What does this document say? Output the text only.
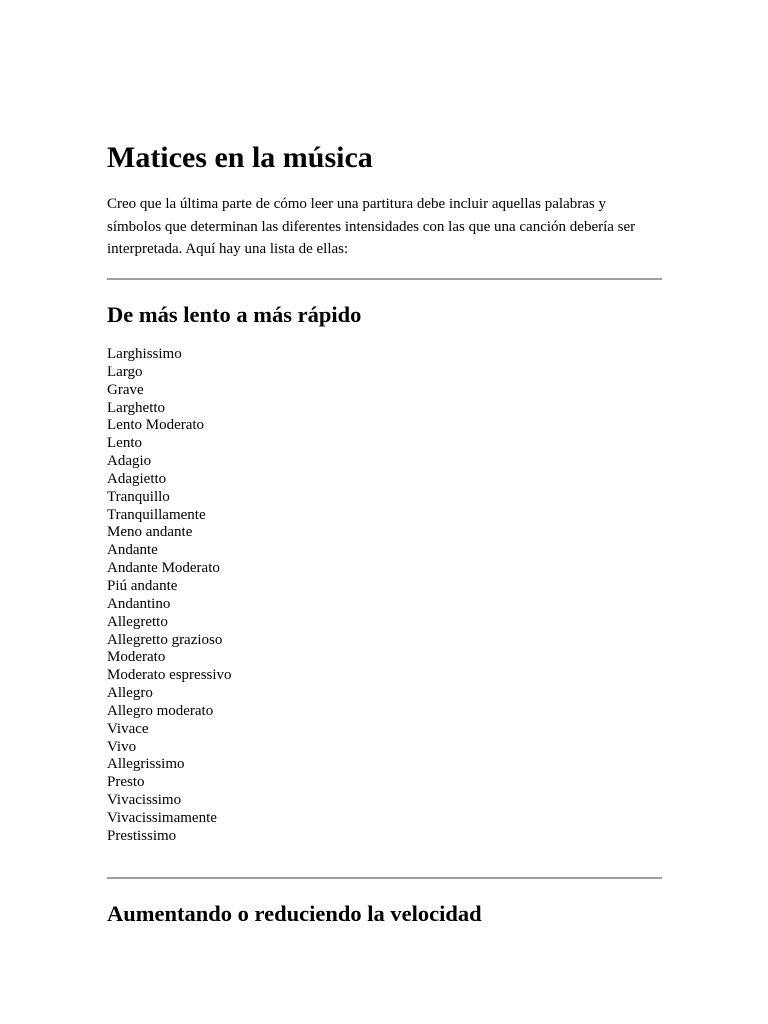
Matices en la música

Creo que la última parte de cómo leer una partitura debe incluir aquellas palabras y símbolos que determinan las diferentes intensidades con las que una canción debería ser interpretada. Aquí hay una lista de ellas:

De más lento a más rápido
Larghissimo
Largo
Grave
Larghetto
Lento Moderato
Lento
Adagio
Adagietto
Tranquillo
Tranquillamente
Meno andante
Andante
Andante Moderato
Piú andante
Andantino
Allegretto
Allegretto grazioso
Moderato
Moderato espressivo
Allegro
Allegro moderato
Vivace
Vivo
Allegrissimo
Presto
Vivacissimo
Vivacissimamente
Prestissimo
Aumentando o reduciendo la velocidad
